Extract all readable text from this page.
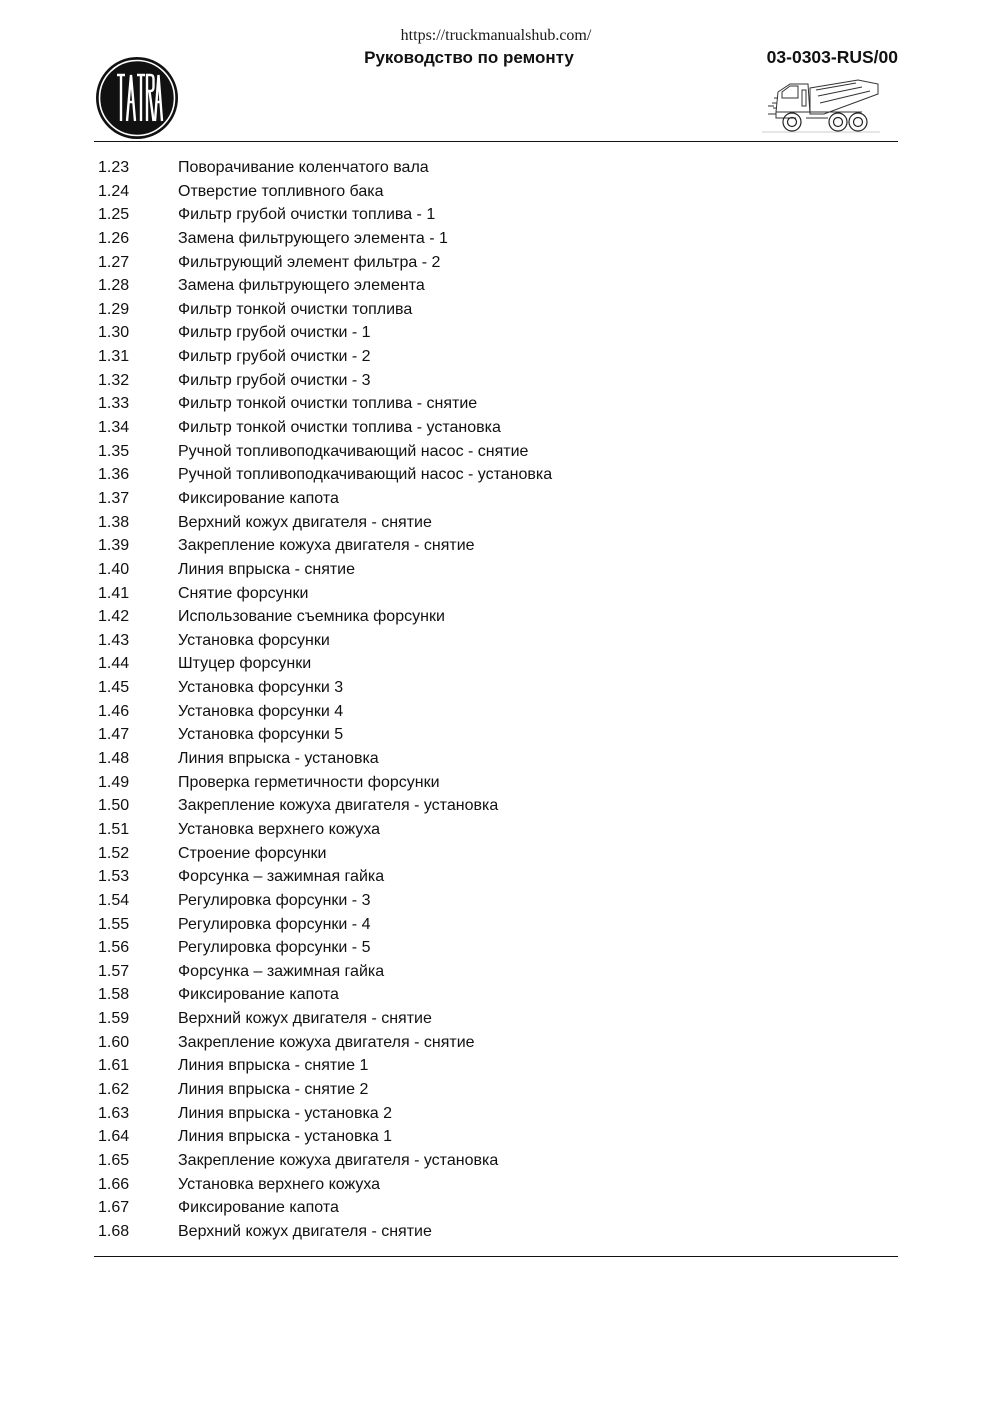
https://truckmanualshub.com/
Руководство по ремонту	03-0303-RUS/00
1.23	Поворачивание коленчатого вала
1.24	Отверстие топливного бака
1.25	Фильтр грубой очистки топлива - 1
1.26	Замена фильтрующего элемента - 1
1.27	Фильтрующий элемент фильтра - 2
1.28	Замена фильтрующего элемента
1.29	Фильтр тонкой очистки топлива
1.30	Фильтр грубой очистки - 1
1.31	Фильтр грубой очистки - 2
1.32	Фильтр грубой очистки - 3
1.33	Фильтр тонкой очистки топлива - снятие
1.34	Фильтр тонкой очистки топлива - установка
1.35	Ручной топливоподкачивающий насос - снятие
1.36	Ручной топливоподкачивающий насос - установка
1.37	Фиксирование капота
1.38	Верхний кожух двигателя - снятие
1.39	Закрепление кожуха двигателя - снятие
1.40	Линия впрыска - снятие
1.41	Снятие форсунки
1.42	Использование съемника форсунки
1.43	Установка форсунки
1.44	Штуцер форсунки
1.45	Установка форсунки 3
1.46	Установка форсунки 4
1.47	Установка форсунки 5
1.48	Линия впрыска - установка
1.49	Проверка герметичности форсунки
1.50	Закрепление кожуха двигателя - установка
1.51	Установка верхнего кожуха
1.52	Строение форсунки
1.53	Форсунка – зажимная гайка
1.54	Регулировка форсунки - 3
1.55	Регулировка форсунки - 4
1.56	Регулировка форсунки - 5
1.57	Форсунка – зажимная гайка
1.58	Фиксирование капота
1.59	Верхний кожух двигателя - снятие
1.60	Закрепление кожуха двигателя - снятие
1.61	Линия впрыска - снятие 1
1.62	Линия впрыска - снятие 2
1.63	Линия впрыска - установка 2
1.64	Линия впрыска - установка 1
1.65	Закрепление кожуха двигателя - установка
1.66	Установка верхнего кожуха
1.67	Фиксирование капота
1.68	Верхний кожух двигателя - снятие
